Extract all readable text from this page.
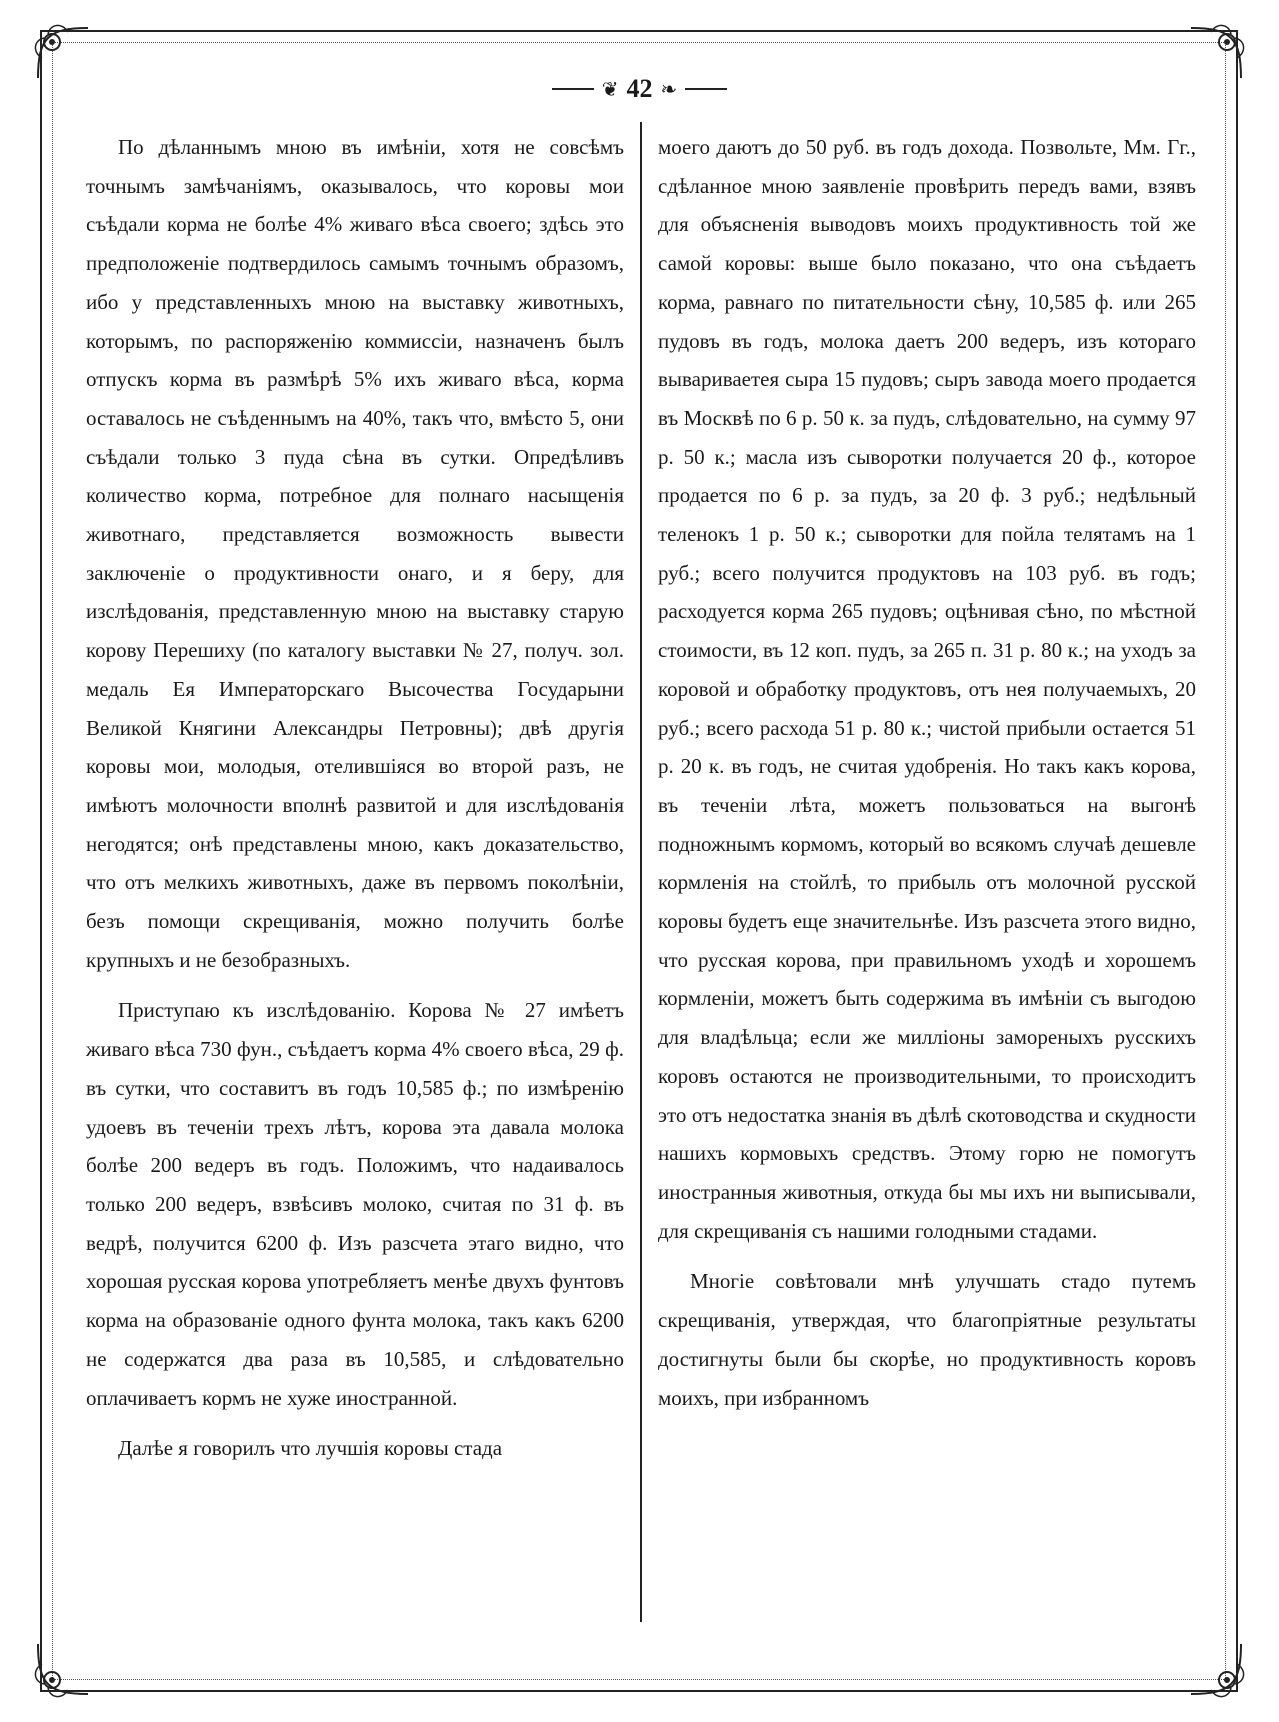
❦ 42 ❧

По дѣланнымъ мною въ имѣніи, хотя не совсѣмъ точнымъ замѣчаніямъ, оказывалось, что коровы мои съѣдали корма не болѣе 4% живаго вѣса своего; здѣсь это предположеніе подтвердилось самымъ точнымъ образомъ, ибо у представленныхъ мною на выставку животныхъ, которымъ, по распоряженію коммиссіи, назначенъ былъ отпускъ корма въ размѣрѣ 5% ихъ живаго вѣса, корма оставалось не съѣденнымъ на 40%, такъ что, вмѣсто 5, они съѣдали только 3 пуда сѣна въ сутки. Опредѣливъ количество корма, потребное для полнаго насыщенія животнаго, представляется возможность вывести заключеніе о продуктивности онаго, и я беру, для изслѣдованія, представленную мною на выставку старую корову Перешиху (по каталогу выставки № 27, получ. зол. медаль Ея Императорскаго Высочества Государыни Великой Княгини Александры Петровны); двѣ другія коровы мои, молодыя, отелившіяся во второй разъ, не имѣютъ молочности вполнѣ развитой и для изслѣдованія негодятся; онѣ представлены мною, какъ доказательство, что отъ мелкихъ животныхъ, даже въ первомъ поколѣніи, безъ помощи скрещиванія, можно получить болѣе крупныхъ и не безобразныхъ.

Приступаю къ изслѣдованію. Корова № 27 имѣетъ живаго вѣса 730 фун., съѣдаетъ корма 4% своего вѣса, 29 ф. въ сутки, что составитъ въ годъ 10,585 ф.; по измѣренію удоевъ въ теченіи трехъ лѣтъ, корова эта давала молока болѣе 200 ведеръ въ годъ. Положимъ, что надаивалось только 200 ведеръ, взвѣсивъ молоко, считая по 31 ф. въ ведрѣ, получится 6200 ф. Изъ разсчета этаго видно, что хорошая русская корова употребляетъ менѣе двухъ фунтовъ корма на образованіе одного фунта молока, такъ какъ 6200 не содержатся два раза въ 10,585, и слѣдовательно оплачиваетъ кормъ не хуже иностранной.

Далѣе я говорилъ что лучшія коровы стада

моего даютъ до 50 руб. въ годъ дохода. Позвольте, Мм. Гг., сдѣланное мною заявленіе провѣрить передъ вами, взявъ для объясненія выводовъ моихъ продуктивность той же самой коровы: выше было показано, что она съѣдаетъ корма, равнаго по питательности сѣну, 10,585 ф. или 265 пудовъ въ годъ, молока даетъ 200 ведеръ, изъ котораго вывариваетея сыра 15 пудовъ; сыръ завода моего продается въ Москвѣ по 6 р. 50 к. за пудъ, слѣдовательно, на сумму 97 р. 50 к.; масла изъ сыворотки получается 20 ф., которое продается по 6 р. за пудъ, за 20 ф. 3 руб.; недѣльный теленокъ 1 р. 50 к.; сыворотки для пойла телятамъ на 1 руб.; всего получится продуктовъ на 103 руб. въ годъ; расходуется корма 265 пудовъ; оцѣнивая сѣно, по мѣстной стоимости, въ 12 коп. пудъ, за 265 п. 31 р. 80 к.; на уходъ за коровой и обработку продуктовъ, отъ нея получаемыхъ, 20 руб.; всего расхода 51 р. 80 к.; чистой прибыли остается 51 р. 20 к. въ годъ, не считая удобренія. Но такъ какъ корова, въ теченіи лѣта, можетъ пользоваться на выгонѣ подножнымъ кормомъ, который во всякомъ случаѣ дешевле кормленія на стойлѣ, то прибыль отъ молочной русской коровы будетъ еще значительнѣе. Изъ разсчета этого видно, что русская корова, при правильномъ уходѣ и хорошемъ кормленіи, можетъ быть содержима въ имѣніи съ выгодою для владѣльца; если же милліоны замореныхъ русскихъ коровъ остаются не производительными, то происходитъ это отъ недостатка знанія въ дѣлѣ скотоводства и скудности нашихъ кормовыхъ средствъ. Этому горю не помогутъ иностранныя животныя, откуда бы мы ихъ ни выписывали, для скрещиванія съ нашими голодными стадами.

Многіе совѣтовали мнѣ улучшать стадо путемъ скрещиванія, утверждая, что благопріятные результаты достигнуты были бы скорѣе, но продуктивность коровъ моихъ, при избранномъ
